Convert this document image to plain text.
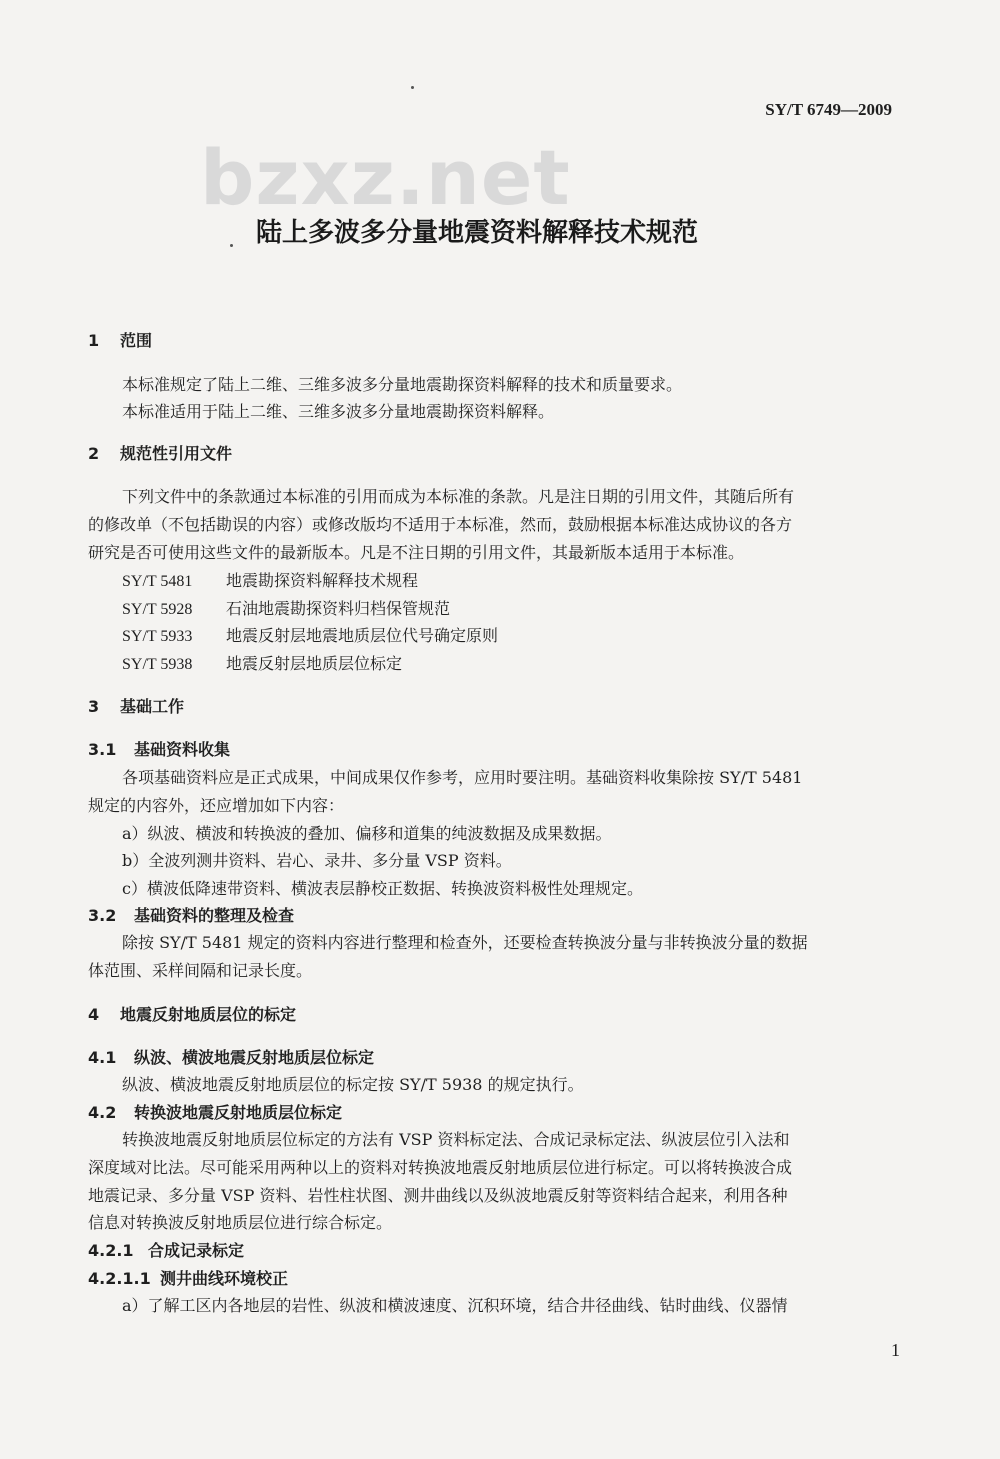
SY/T 6749—2009
bzxz.net
陆上多波多分量地震资料解释技术规范
1 范围
本标准规定了陆上二维、三维多波多分量地震勘探资料解释的技术和质量要求。
本标准适用于陆上二维、三维多波多分量地震勘探资料解释。
2 规范性引用文件
下列文件中的条款通过本标准的引用而成为本标准的条款。凡是注日期的引用文件，其随后所有
的修改单（不包括勘误的内容）或修改版均不适用于本标准，然而，鼓励根据本标准达成协议的各方
研究是否可使用这些文件的最新版本。凡是不注日期的引用文件，其最新版本适用于本标准。
SY/T 5481 地震勘探资料解释技术规程
SY/T 5928 石油地震勘探资料归档保管规范
SY/T 5933 地震反射层地震地质层位代号确定原则
SY/T 5938 地震反射层地质层位标定
3 基础工作
3.1 基础资料收集
各项基础资料应是正式成果，中间成果仅作参考，应用时要注明。基础资料收集除按 SY/T 5481
规定的内容外，还应增加如下内容：
a）纵波、横波和转换波的叠加、偏移和道集的纯波数据及成果数据。
b）全波列测井资料、岩心、录井、多分量 VSP 资料。
c）横波低降速带资料、横波表层静校正数据、转换波资料极性处理规定。
3.2 基础资料的整理及检查
除按 SY/T 5481 规定的资料内容进行整理和检查外，还要检查转换波分量与非转换波分量的数据
体范围、采样间隔和记录长度。
4 地震反射地质层位的标定
4.1 纵波、横波地震反射地质层位标定
纵波、横波地震反射地质层位的标定按 SY/T 5938 的规定执行。
4.2 转换波地震反射地质层位标定
转换波地震反射地质层位标定的方法有 VSP 资料标定法、合成记录标定法、纵波层位引入法和
深度域对比法。尽可能采用两种以上的资料对转换波地震反射地质层位进行标定。可以将转换波合成
地震记录、多分量 VSP 资料、岩性柱状图、测井曲线以及纵波地震反射等资料结合起来，利用各种
信息对转换波反射地质层位进行综合标定。
4.2.1 合成记录标定
4.2.1.1 测井曲线环境校正
a）了解工区内各地层的岩性、纵波和横波速度、沉积环境，结合井径曲线、钻时曲线、仪器情
1
